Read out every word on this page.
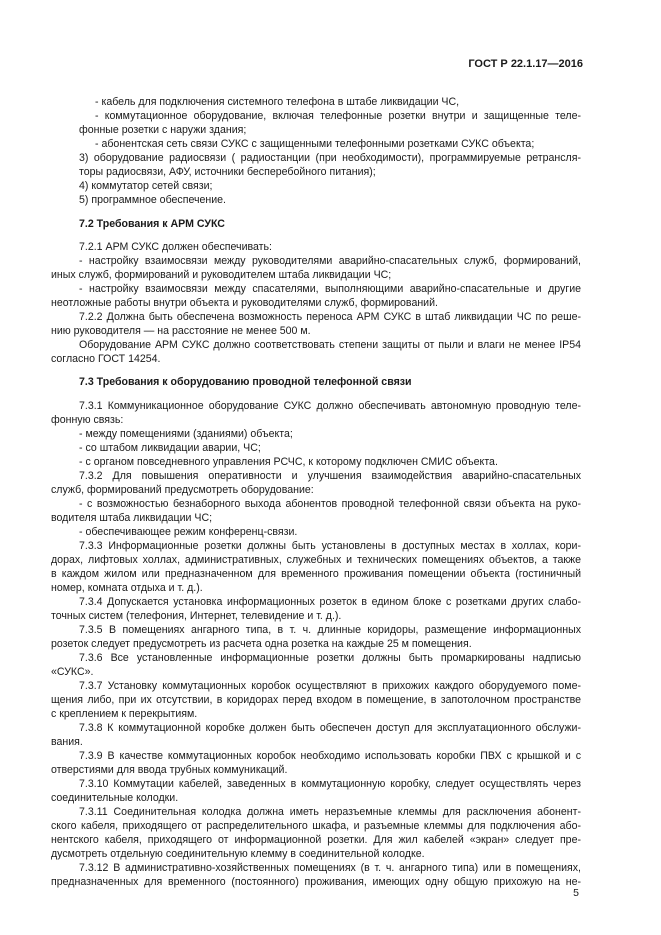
ГОСТ Р 22.1.17—2016
- кабель для подключения системного телефона в штабе ликвидации ЧС,
- коммутационное оборудование, включая телефонные розетки внутри и защищенные теле-
фонные розетки с наружи здания;
- абонентская сеть связи СУКС с защищенными телефонными розетками СУКС объекта;
3) оборудование радиосвязи ( радиостанции (при необходимости), программируемые ретрансля-
торы радиосвязи, АФУ, источники бесперебойного питания);
4) коммутатор сетей связи;
5) программное обеспечение.
7.2 Требования к АРМ СУКС
7.2.1 АРМ СУКС должен обеспечивать:
- настройку взаимосвязи между руководителями аварийно-спасательных служб, формирований,
иных служб, формирований и руководителем штаба ликвидации ЧС;
- настройку взаимосвязи между спасателями, выполняющими аварийно-спасательные и другие
неотложные работы внутри объекта и руководителями служб, формирований.
7.2.2 Должна быть обеспечена возможность переноса АРМ СУКС в штаб ликвидации ЧС по реше-
нию руководителя — на расстояние не менее 500 м.
Оборудование АРМ СУКС должно соответствовать степени защиты от пыли и влаги не менее IP54
согласно ГОСТ 14254.
7.3 Требования к оборудованию проводной телефонной связи
7.3.1 Коммуникационное оборудование СУКС должно обеспечивать автономную проводную теле-
фонную связь:
- между помещениями (зданиями) объекта;
- со штабом ликвидации аварии, ЧС;
- с органом повседневного управления РСЧС, к которому подключен СМИС объекта.
7.3.2 Для повышения оперативности и улучшения взаимодействия аварийно-спасательных
служб, формирований предусмотреть оборудование:
- с возможностью безнаборного выхода абонентов проводной телефонной связи объекта на руко-
водителя штаба ликвидации ЧС;
- обеспечивающее режим конференц-связи.
7.3.3 Информационные розетки должны быть установлены в доступных местах в холлах, кори-
дорах, лифтовых холлах, административных, служебных и технических помещениях объектов, а также
в каждом жилом или предназначенном для временного проживания помещении объекта (гостиничный
номер, комната отдыха и т. д.).
7.3.4 Допускается установка информационных розеток в едином блоке с розетками других слабо-
точных систем (телефония, Интернет, телевидение и т. д.).
7.3.5 В помещениях ангарного типа, в т. ч. длинные коридоры, размещение информационных
розеток следует предусмотреть из расчета одна розетка на каждые 25 м помещения.
7.3.6 Все установленные информационные розетки должны быть промаркированы надписью
«СУКС».
7.3.7 Установку коммутационных коробок осуществляют в прихожих каждого оборудуемого поме-
щения либо, при их отсутствии, в коридорах перед входом в помещение, в запотолочном пространстве
с креплением к перекрытиям.
7.3.8 К коммутационной коробке должен быть обеспечен доступ для эксплуатационного обслужи-
вания.
7.3.9 В качестве коммутационных коробок необходимо использовать коробки ПВХ с крышкой и с
отверстиями для ввода трубных коммуникаций.
7.3.10 Коммутации кабелей, заведенных в коммутационную коробку, следует осуществлять через
соединительные колодки.
7.3.11 Соединительная колодка должна иметь неразъемные клеммы для расключения абонент-
ского кабеля, приходящего от распределительного шкафа, и разъемные клеммы для подключения або-
нентского кабеля, приходящего от информационной розетки. Для жил кабелей «экран» следует пре-
дусмотреть отдельную соединительную клемму в соединительной колодке.
7.3.12 В административно-хозяйственных помещениях (в т. ч. ангарного типа) или в помещениях,
предназначенных для временного (постоянного) проживания, имеющих одну общую прихожую на не-
5
